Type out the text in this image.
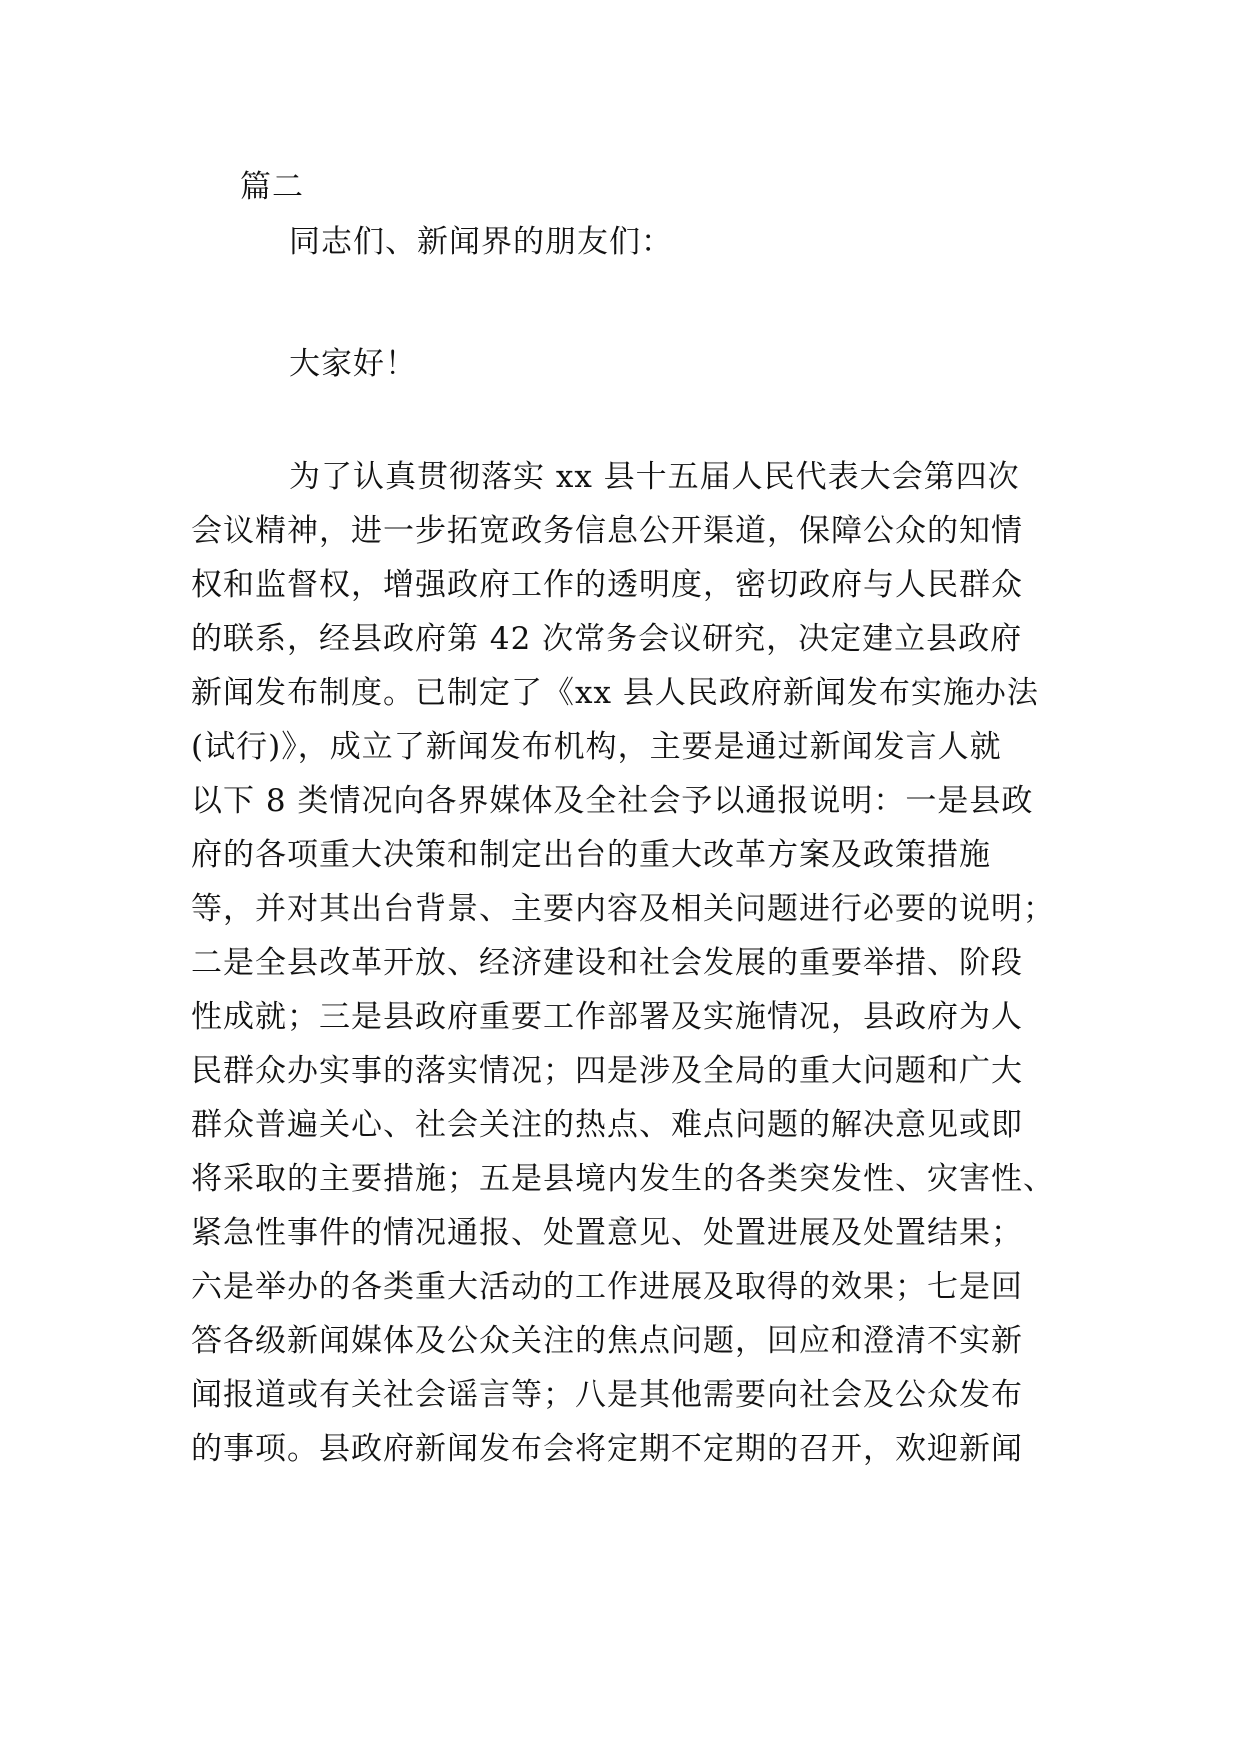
篇二

同志们、新闻界的朋友们：

大家好！

为了认真贯彻落实 xx 县十五届人民代表大会第四次
会议精神，进一步拓宽政务信息公开渠道，保障公众的知情
权和监督权，增强政府工作的透明度，密切政府与人民群众
的联系，经县政府第 42 次常务会议研究，决定建立县政府
新闻发布制度。已制定了《xx 县人民政府新闻发布实施办法
(试行)》，成立了新闻发布机构，主要是通过新闻发言人就
以下 8 类情况向各界媒体及全社会予以通报说明：一是县政
府的各项重大决策和制定出台的重大改革方案及政策措施
等，并对其出台背景、主要内容及相关问题进行必要的说明；
二是全县改革开放、经济建设和社会发展的重要举措、阶段
性成就；三是县政府重要工作部署及实施情况，县政府为人
民群众办实事的落实情况；四是涉及全局的重大问题和广大
群众普遍关心、社会关注的热点、难点问题的解决意见或即
将采取的主要措施；五是县境内发生的各类突发性、灾害性、
紧急性事件的情况通报、处置意见、处置进展及处置结果；
六是举办的各类重大活动的工作进展及取得的效果；七是回
答各级新闻媒体及公众关注的焦点问题，回应和澄清不实新
闻报道或有关社会谣言等；八是其他需要向社会及公众发布
的事项。县政府新闻发布会将定期不定期的召开，欢迎新闻
